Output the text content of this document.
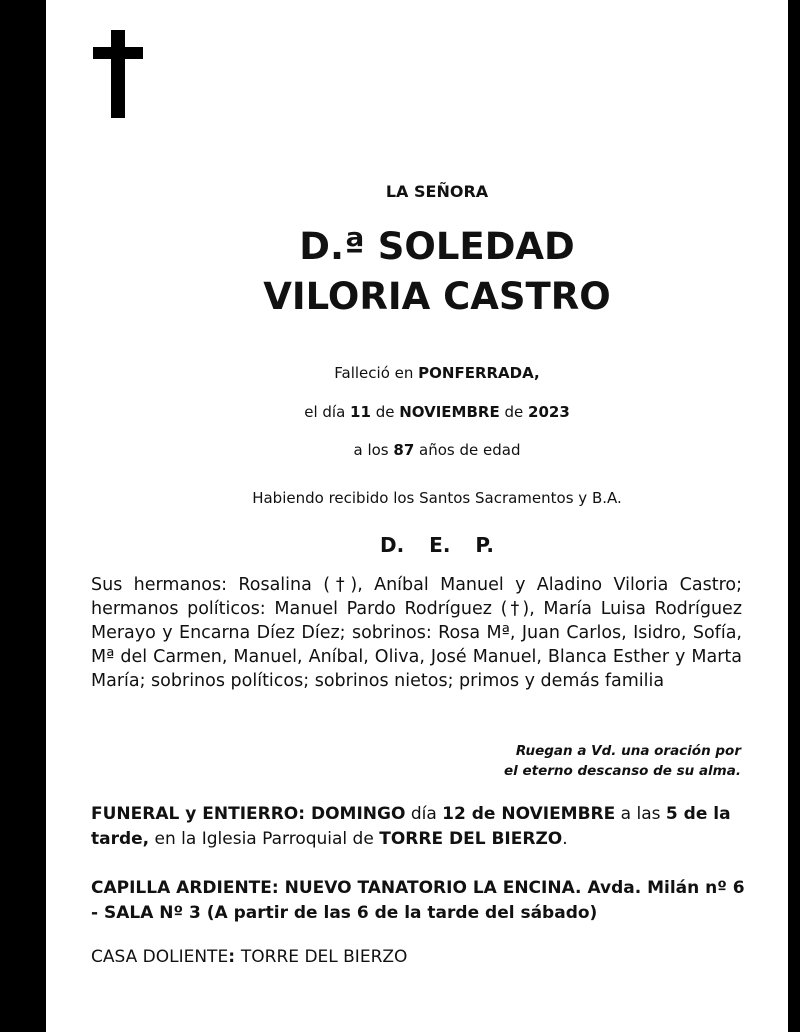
LA SEÑORA
D.ª SOLEDAD
VILORIA CASTRO
Falleció en PONFERRADA,
el día 11 de NOVIEMBRE de 2023
a los 87 años de edad
Habiendo recibido los Santos Sacramentos y B.A.
D. E. P.
Sus hermanos: Rosalina (†), Aníbal Manuel y Aladino Viloria Castro; hermanos políticos: Manuel Pardo Rodríguez (†), María Luisa Rodríguez Merayo y Encarna Díez Díez; sobrinos: Rosa Mª, Juan Carlos, Isidro, Sofía, Mª del Carmen, Manuel, Aníbal, Oliva, José Manuel, Blanca Esther y Marta María; sobrinos políticos; sobrinos nietos; primos y demás familia
Ruegan a Vd. una oración por
el eterno descanso de su alma.
FUNERAL y ENTIERRO: DOMINGO día 12 de NOVIEMBRE a las 5 de la tarde, en la Iglesia Parroquial de TORRE DEL BIERZO.
CAPILLA ARDIENTE: NUEVO TANATORIO LA ENCINA. Avda. Milán nº 6 - SALA Nº 3 (A partir de las 6 de la tarde del sábado)
CASA DOLIENTE: TORRE DEL BIERZO
